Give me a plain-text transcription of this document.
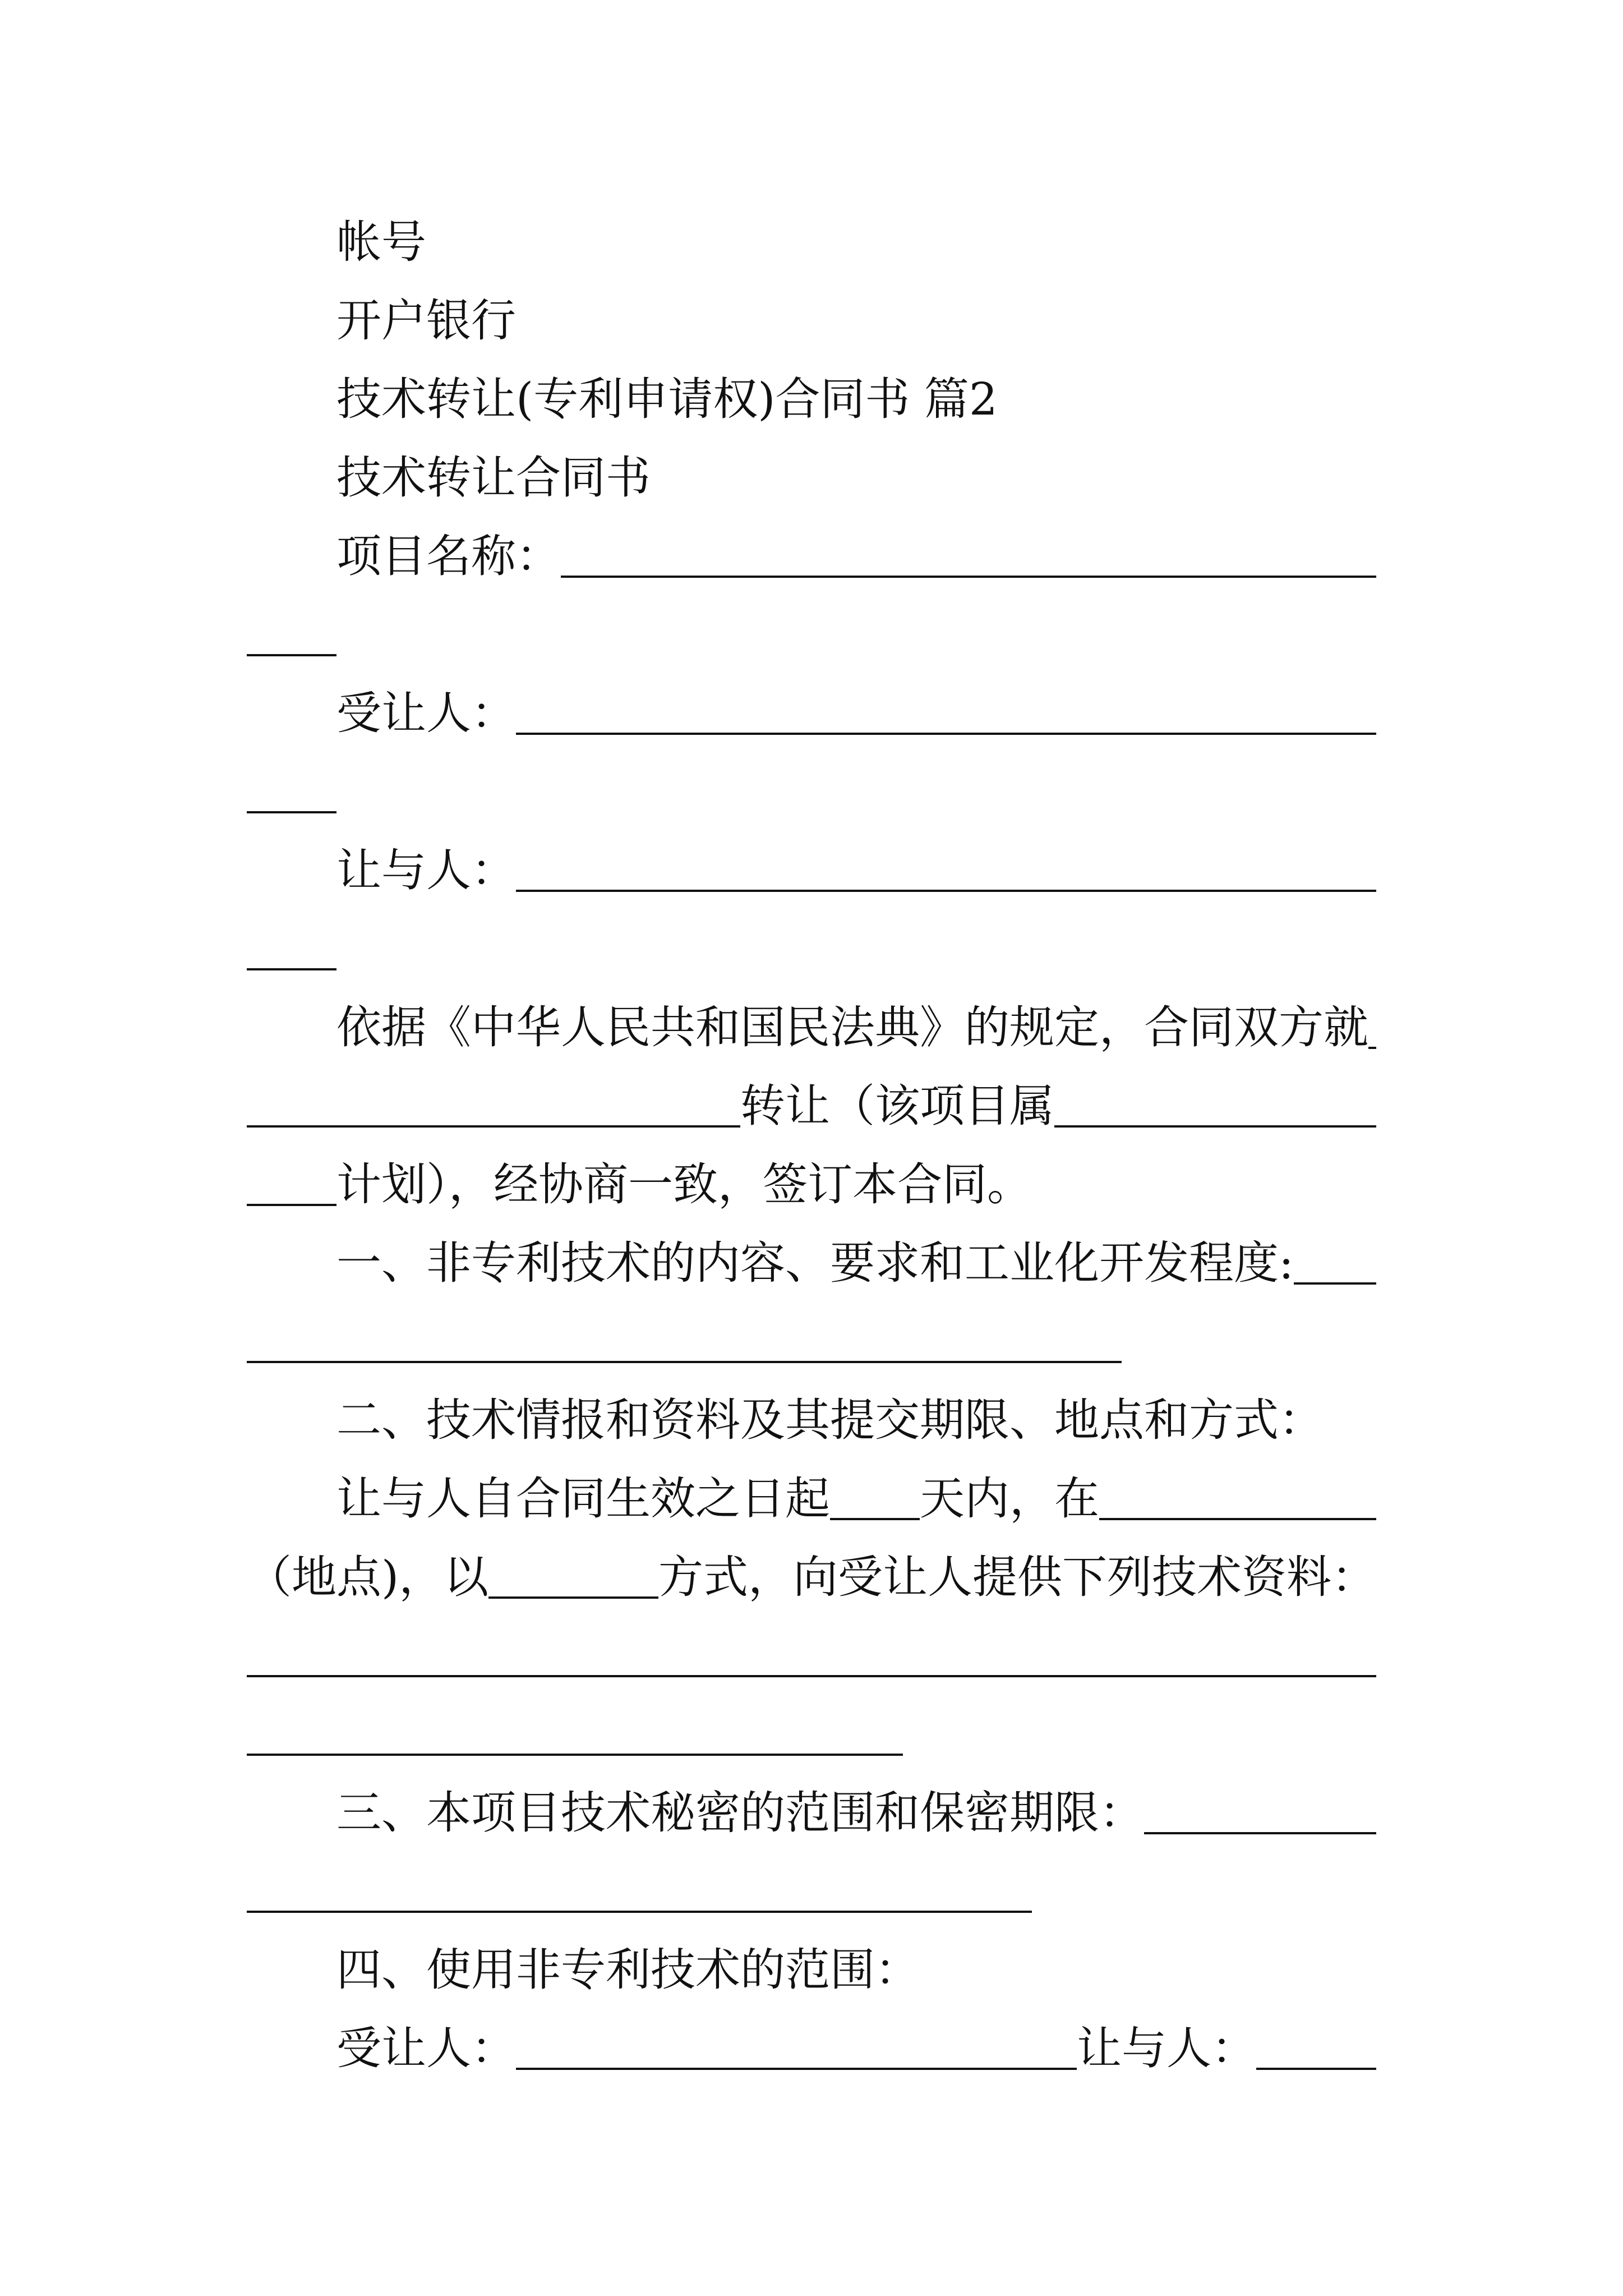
帐号
开户银行
技术转让(专利申请权)合同书 篇2
技术转让合同书
项目名称：
受让人：
让与人：
依据《中华人民共和国民法典》的规定，合同双方就
转让（该项目属
计划），经协商一致，签订本合同。
一、非专利技术的内容、要求和工业化开发程度:
二、技术情报和资料及其提交期限、地点和方式：
让与人自合同生效之日起 天内，在
（地点)，以	方式，向受让人提供下列技术资料：
三、本项目技术秘密的范围和保密期限：
四、使用非专利技术的范围：
受让人：	让与人：
